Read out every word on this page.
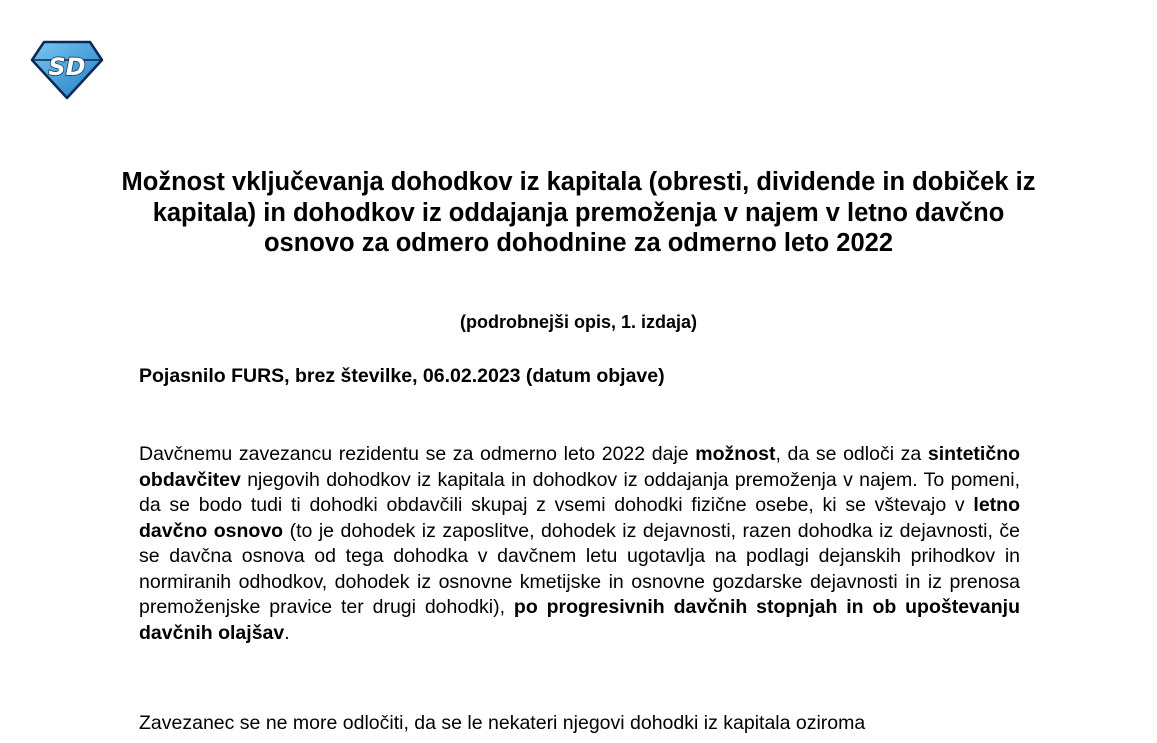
SD
Možnost vključevanja dohodkov iz kapitala (obresti, dividende in dobiček iz kapitala) in dohodkov iz oddajanja premoženja v najem v letno davčno osnovo za odmero dohodnine za odmerno leto 2022

(podrobnejši opis, 1. izdaja)

Pojasnilo FURS, brez številke, 06.02.2023 (datum objave)

Davčnemu zavezancu rezidentu se za odmerno leto 2022 daje možnost, da se odloči za sintetično obdavčitev njegovih dohodkov iz kapitala in dohodkov iz oddajanja premoženja v najem. To pomeni, da se bodo tudi ti dohodki obdavčili skupaj z vsemi dohodki fizične osebe, ki se vštevajo v letno davčno osnovo (to je dohodek iz zaposlitve, dohodek iz dejavnosti, razen dohodka iz dejavnosti, če se davčna osnova od tega dohodka v davčnem letu ugotavlja na podlagi dejanskih prihodkov in normiranih odhodkov, dohodek iz osnovne kmetijske in osnovne gozdarske dejavnosti in iz prenosa premoženjske pravice ter drugi dohodki), po progresivnih davčnih stopnjah in ob upoštevanju davčnih olajšav.

Zavezanec se ne more odločiti, da se le nekateri njegovi dohodki iz kapitala oziroma
